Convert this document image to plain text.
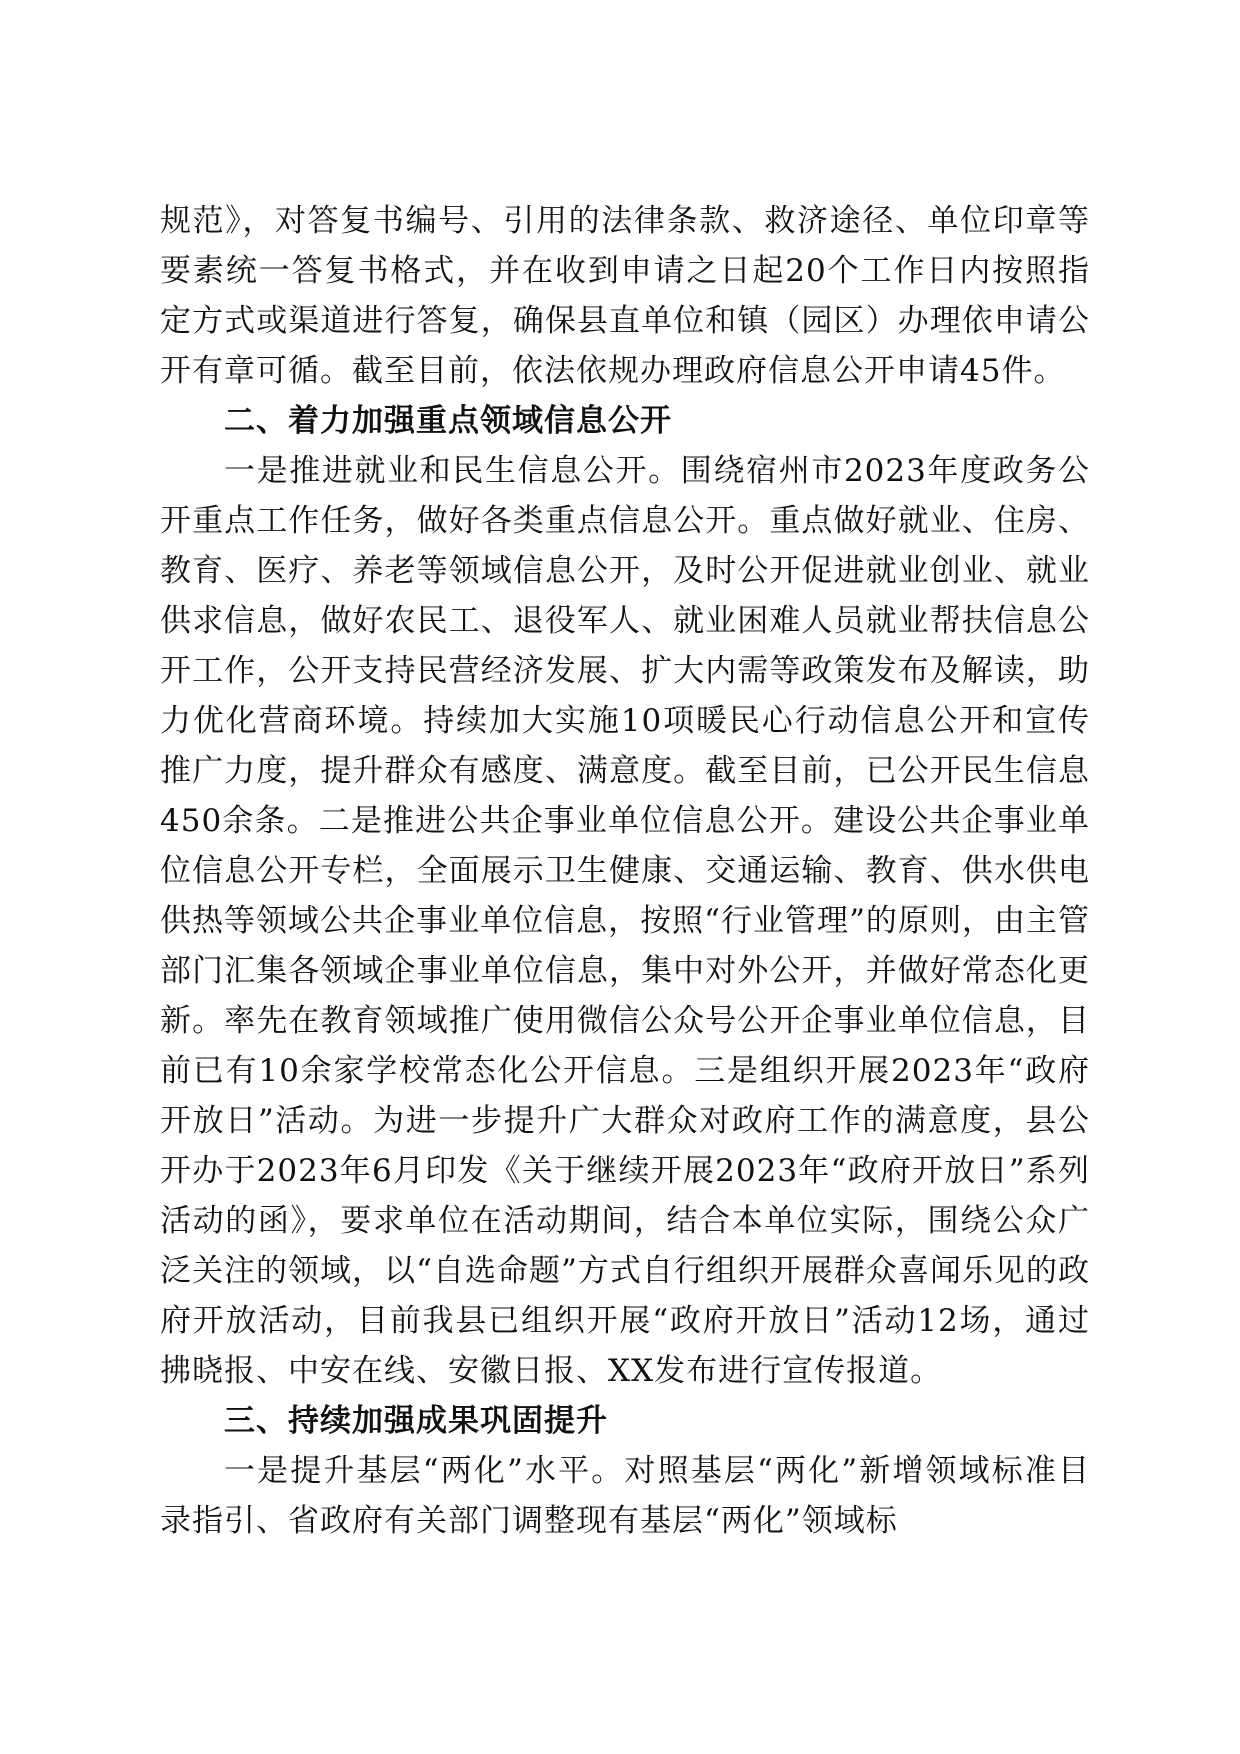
规范》，对答复书编号、引用的法律条款、救济途径、单位印章等要素统一答复书格式，并在收到申请之日起20个工作日内按照指定方式或渠道进行答复，确保县直单位和镇（园区）办理依申请公开有章可循。截至目前，依法依规办理政府信息公开申请45件。

二、着力加强重点领域信息公开

一是推进就业和民生信息公开。围绕宿州市2023年度政务公开重点工作任务，做好各类重点信息公开。重点做好就业、住房、教育、医疗、养老等领域信息公开，及时公开促进就业创业、就业供求信息，做好农民工、退役军人、就业困难人员就业帮扶信息公开工作，公开支持民营经济发展、扩大内需等政策发布及解读，助力优化营商环境。持续加大实施10项暖民心行动信息公开和宣传推广力度，提升群众有感度、满意度。截至目前，已公开民生信息450余条。二是推进公共企事业单位信息公开。建设公共企事业单位信息公开专栏，全面展示卫生健康、交通运输、教育、供水供电供热等领域公共企事业单位信息，按照“行业管理”的原则，由主管部门汇集各领域企事业单位信息，集中对外公开，并做好常态化更新。率先在教育领域推广使用微信公众号公开企事业单位信息，目前已有10余家学校常态化公开信息。三是组织开展2023年“政府开放日”活动。为进一步提升广大群众对政府工作的满意度，县公开办于2023年6月印发《关于继续开展2023年“政府开放日”系列活动的函》，要求单位在活动期间，结合本单位实际，围绕公众广泛关注的领域，以“自选命题”方式自行组织开展群众喜闻乐见的政府开放活动，目前我县已组织开展“政府开放日”活动12场，通过拂晓报、中安在线、安徽日报、XX发布进行宣传报道。

三、持续加强成果巩固提升

一是提升基层“两化”水平。对照基层“两化”新增领域标准目录指引、省政府有关部门调整现有基层“两化”领域标
